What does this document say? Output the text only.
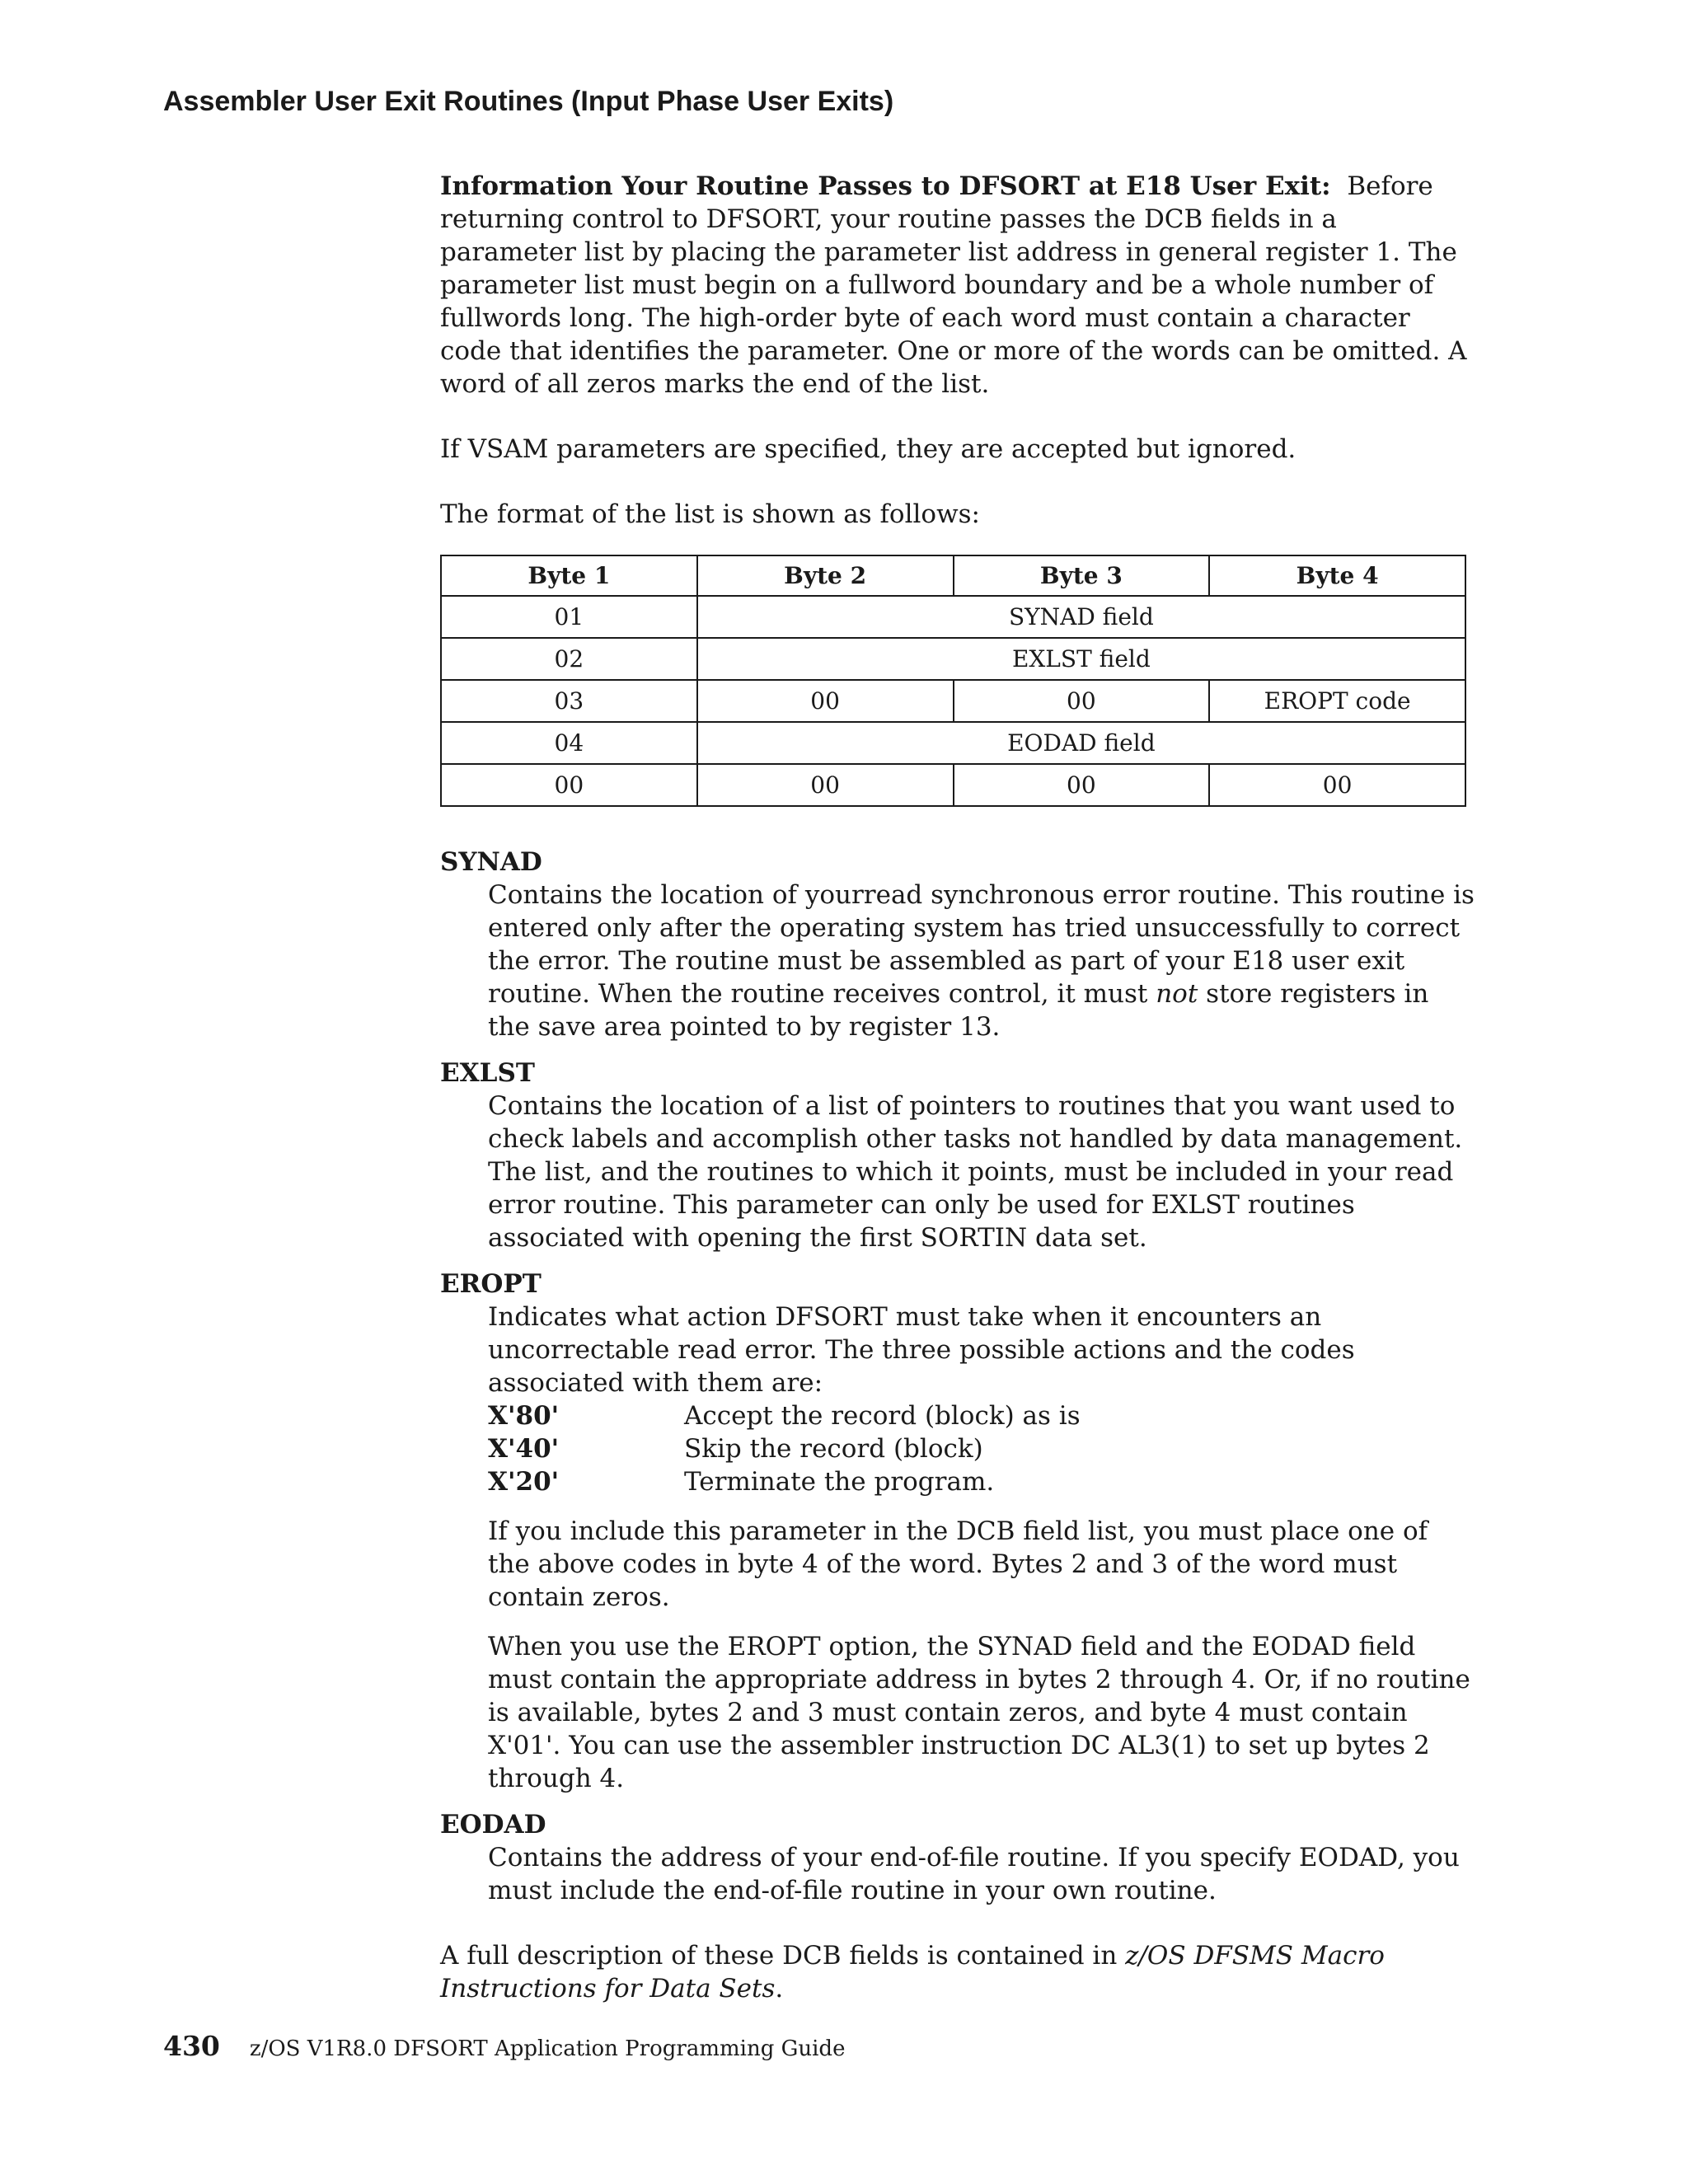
Assembler User Exit Routines (Input Phase User Exits)

Information Your Routine Passes to DFSORT at E18 User Exit: Before returning control to DFSORT, your routine passes the DCB fields in a parameter list by placing the parameter list address in general register 1. The parameter list must begin on a fullword boundary and be a whole number of fullwords long. The high-order byte of each word must contain a character code that identifies the parameter. One or more of the words can be omitted. A word of all zeros marks the end of the list.

If VSAM parameters are specified, they are accepted but ignored.

The format of the list is shown as follows:

Byte 1	Byte 2	Byte 3	Byte 4
01	SYNAD field		
02	EXLST field		
03	00	00	EROPT code
04	EODAD field		
00	00	00	00
SYNAD

Contains the location of yourread synchronous error routine. This routine is entered only after the operating system has tried unsuccessfully to correct the error. The routine must be assembled as part of your E18 user exit routine. When the routine receives control, it must not store registers in the save area pointed to by register 13.

EXLST

Contains the location of a list of pointers to routines that you want used to check labels and accomplish other tasks not handled by data management. The list, and the routines to which it points, must be included in your read error routine. This parameter can only be used for EXLST routines associated with opening the first SORTIN data set.

EROPT

Indicates what action DFSORT must take when it encounters an uncorrectable read error. The three possible actions and the codes associated with them are:

X'80'	Accept the record (block) as is
X'40'	Skip the record (block)
X'20'	Terminate the program.

If you include this parameter in the DCB field list, you must place one of the above codes in byte 4 of the word. Bytes 2 and 3 of the word must contain zeros.

When you use the EROPT option, the SYNAD field and the EODAD field must contain the appropriate address in bytes 2 through 4. Or, if no routine is available, bytes 2 and 3 must contain zeros, and byte 4 must contain X'01'. You can use the assembler instruction DC AL3(1) to set up bytes 2 through 4.

EODAD

Contains the address of your end-of-file routine. If you specify EODAD, you must include the end-of-file routine in your own routine.

A full description of these DCB fields is contained in z/OS DFSMS Macro Instructions for Data Sets.

430 z/OS V1R8.0 DFSORT Application Programming Guide
